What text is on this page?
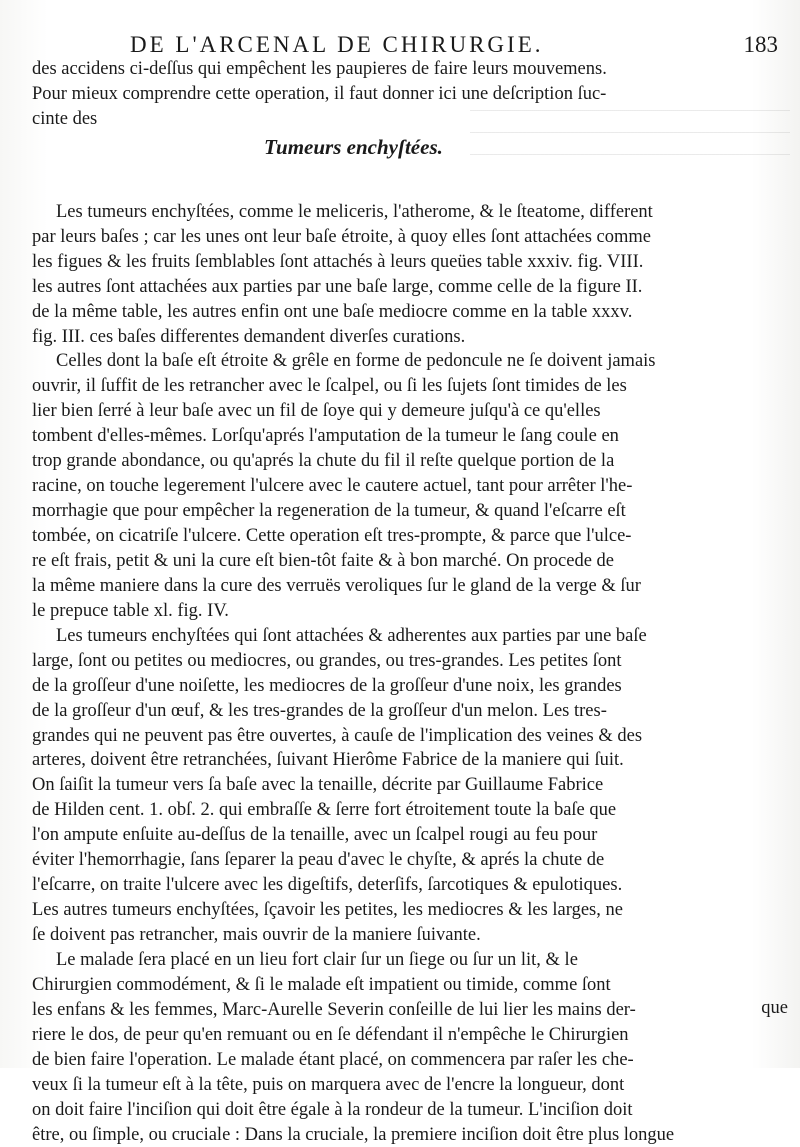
DE L'ARCENAL DE CHIRURGIE.	183
des accidens ci-deſſus qui empêchent les paupieres de faire leurs mouvemens.
Pour mieux comprendre cette operation, il faut donner ici une deſcription ſuc-
cinte des
Tumeurs enchyſtées.
Les tumeurs enchyſtées, comme le meliceris, l'atherome, & le ſteatome, different
par leurs baſes ; car les unes ont leur baſe étroite, à quoy elles ſont attachées comme
les figues & les fruits ſemblables ſont attachés à leurs queües table xxxiv. fig. VIII.
les autres ſont attachées aux parties par une baſe large, comme celle de la figure II.
de la même table, les autres enfin ont une baſe mediocre comme en la table xxxv.
fig. III. ces baſes differentes demandent diverſes curations.
Celles dont la baſe eſt étroite & grêle en forme de pedoncule ne ſe doivent jamais
ouvrir, il ſuffit de les retrancher avec le ſcalpel, ou ſi les ſujets ſont timides de les
lier bien ſerré à leur baſe avec un fil de ſoye qui y demeure juſqu'à ce qu'elles
tombent d'elles-mêmes. Lorſqu'aprés l'amputation de la tumeur le ſang coule en
trop grande abondance, ou qu'aprés la chute du fil il reſte quelque portion de la
racine, on touche legerement l'ulcere avec le cautere actuel, tant pour arrêter l'he-
morrhagie que pour empêcher la regeneration de la tumeur, & quand l'eſcarre eſt
tombée, on cicatriſe l'ulcere. Cette operation eſt tres-prompte, & parce que l'ulce-
re eſt frais, petit & uni la cure eſt bien-tôt faite & à bon marché. On procede de
la même maniere dans la cure des verruës veroliques ſur le gland de la verge & ſur
le prepuce table xl. fig. IV.
Les tumeurs enchyſtées qui ſont attachées & adherentes aux parties par une baſe
large, ſont ou petites ou mediocres, ou grandes, ou tres-grandes. Les petites ſont
de la groſſeur d'une noiſette, les mediocres de la groſſeur d'une noix, les grandes
de la groſſeur d'un œuf, & les tres-grandes de la groſſeur d'un melon. Les tres-
grandes qui ne peuvent pas être ouvertes, à cauſe de l'implication des veines & des
arteres, doivent être retranchées, ſuivant Hierôme Fabrice de la maniere qui ſuit.
On ſaiſit la tumeur vers ſa baſe avec la tenaille, décrite par Guillaume Fabrice
de Hilden cent. 1. obſ. 2. qui embraſſe & ſerre fort étroitement toute la baſe que
l'on ampute enſuite au-deſſus de la tenaille, avec un ſcalpel rougi au feu pour
éviter l'hemorrhagie, ſans ſeparer la peau d'avec le chyſte, & aprés la chute de
l'eſcarre, on traite l'ulcere avec les digeſtifs, deterſifs, ſarcotiques & epulotiques.
Les autres tumeurs enchyſtées, ſçavoir les petites, les mediocres & les larges, ne
ſe doivent pas retrancher, mais ouvrir de la maniere ſuivante.
Le malade ſera placé en un lieu fort clair ſur un ſiege ou ſur un lit, & le
Chirurgien commodément, & ſi le malade eſt impatient ou timide, comme ſont
les enfans & les femmes, Marc-Aurelle Severin conſeille de lui lier les mains der-
riere le dos, de peur qu'en remuant ou en ſe défendant il n'empêche le Chirurgien
de bien faire l'operation. Le malade étant placé, on commencera par raſer les che-
veux ſi la tumeur eſt à la tête, puis on marquera avec de l'encre la longueur, dont
on doit faire l'inciſion qui doit être égale à la rondeur de la tumeur. L'inciſion doit
être, ou ſimple, ou cruciale : Dans la cruciale, la premiere inciſion doit être plus longue
que
